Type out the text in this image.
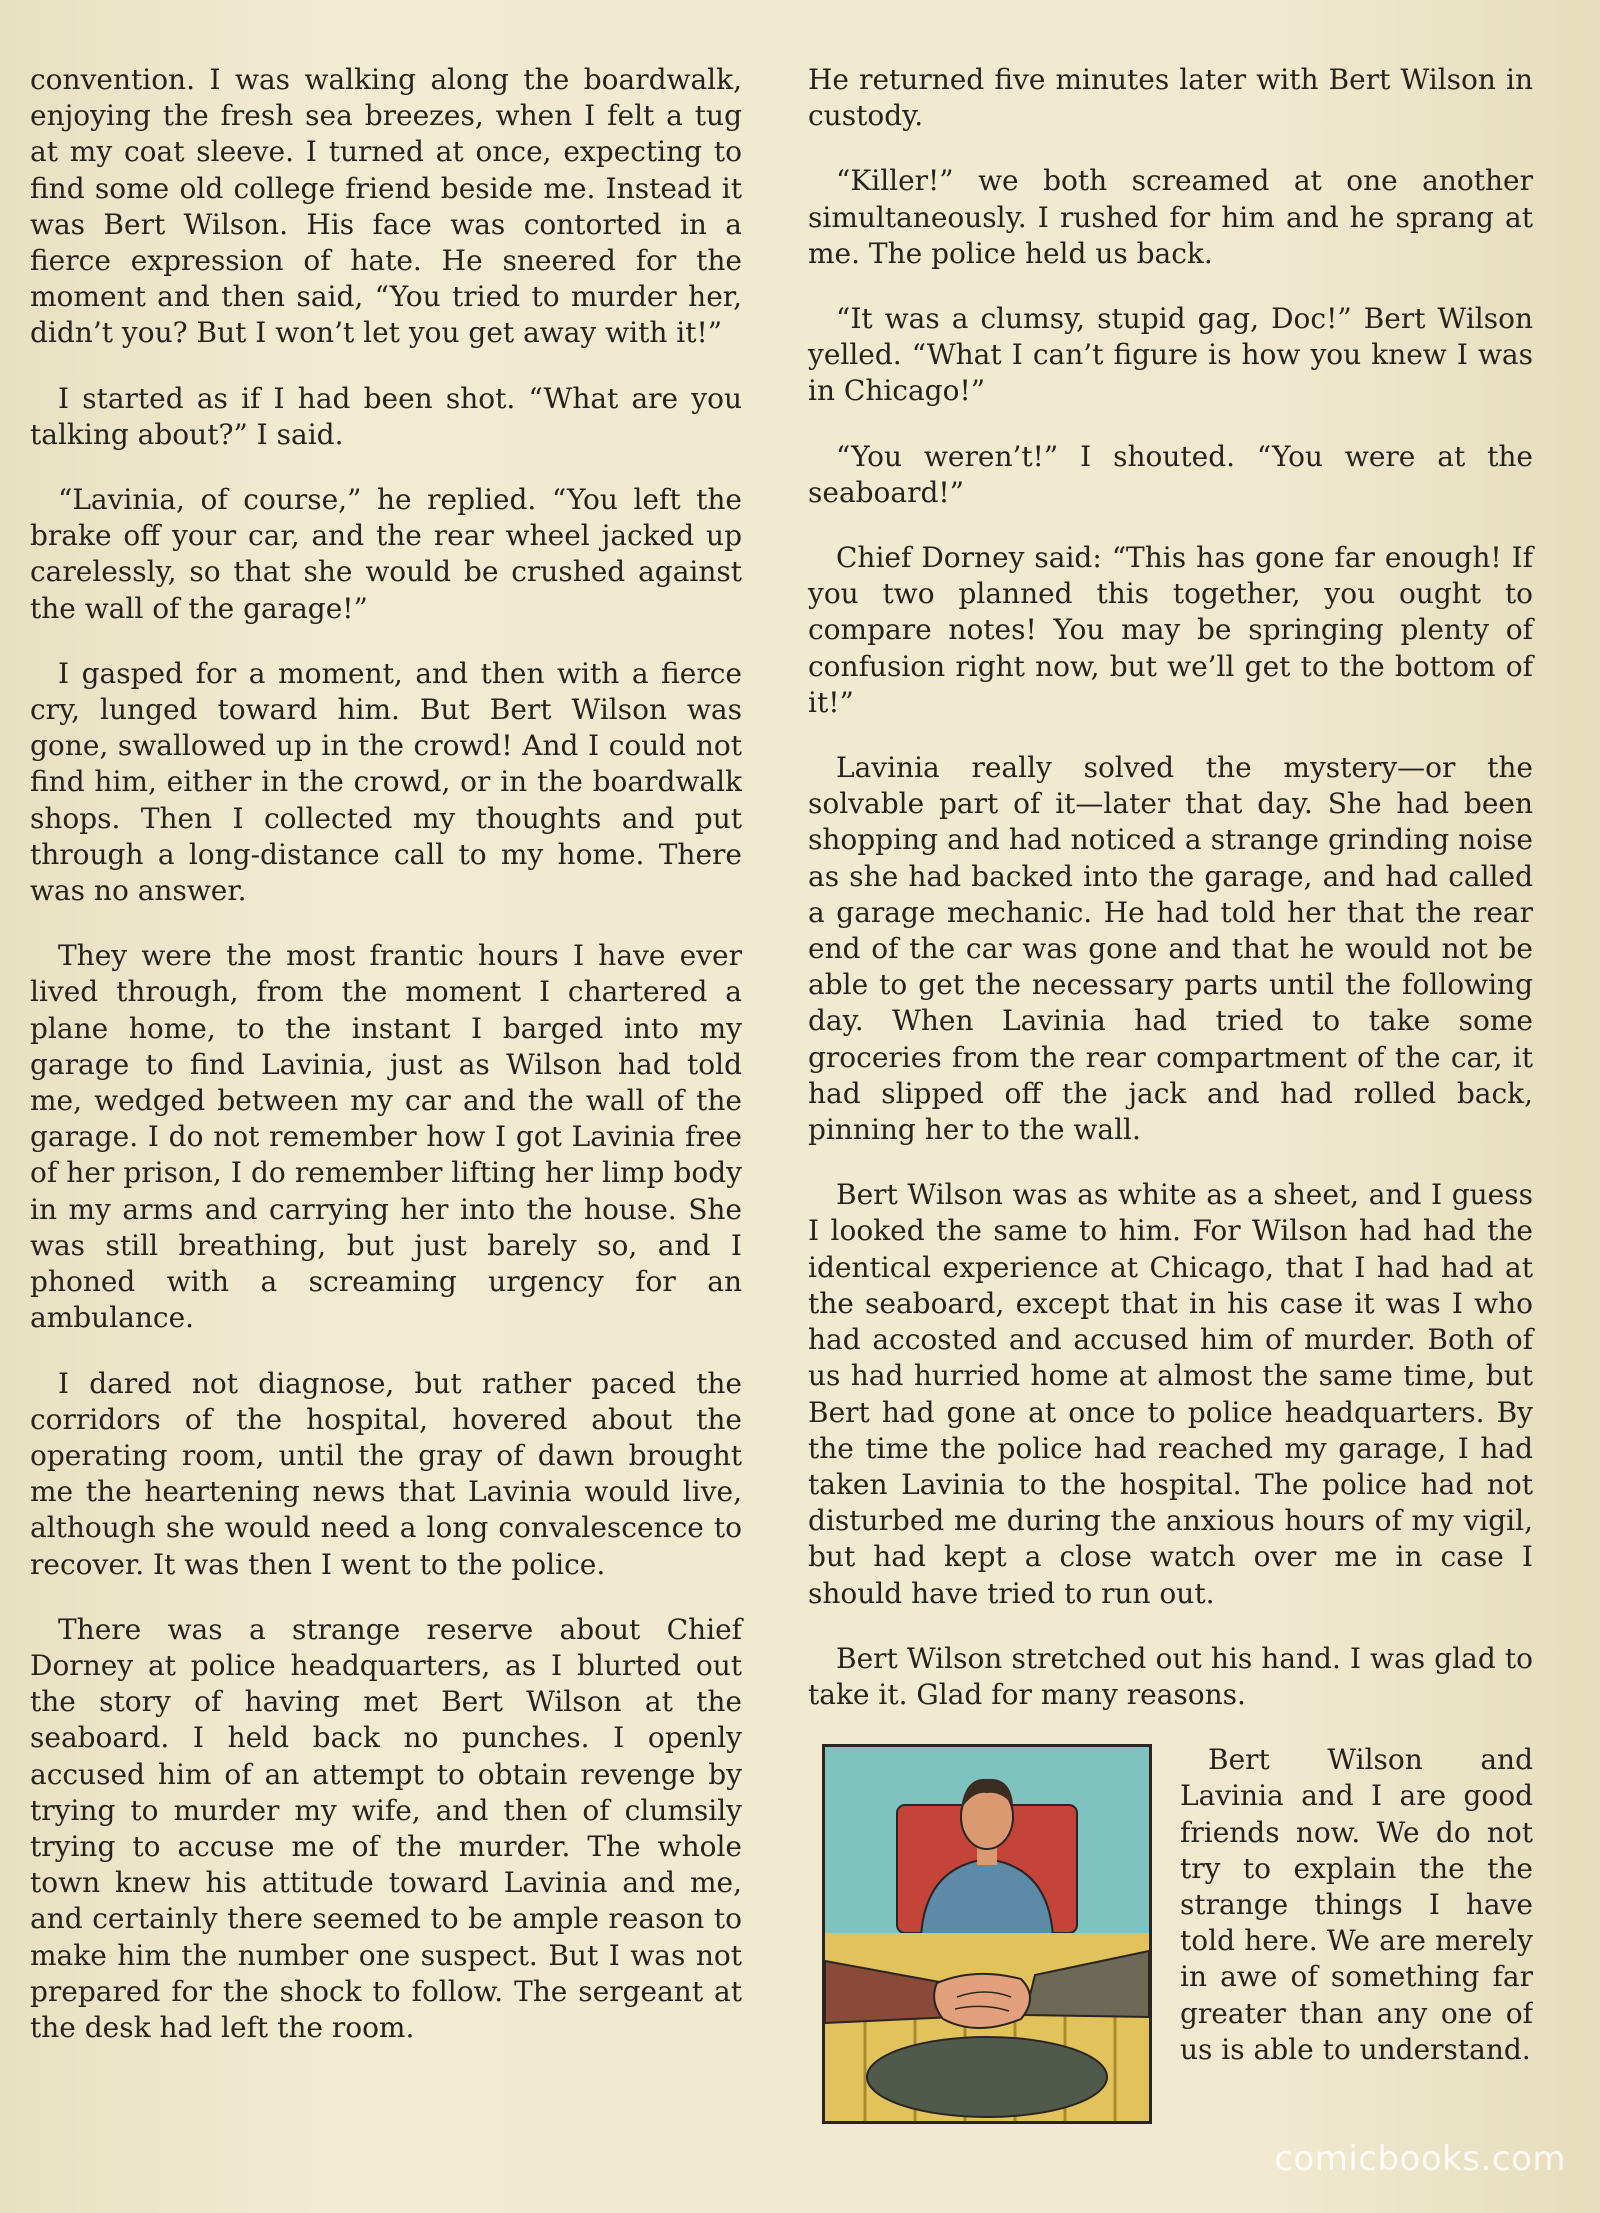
convention. I was walking along the boardwalk, enjoying the fresh sea breezes, when I felt a tug at my coat sleeve. I turned at once, expecting to find some old college friend beside me. Instead it was Bert Wilson. His face was contorted in a fierce expression of hate. He sneered for the moment and then said, “You tried to murder her, didn’t you? But I won’t let you get away with it!”

I started as if I had been shot. “What are you talking about?” I said.

“Lavinia, of course,” he replied. “You left the brake off your car, and the rear wheel jacked up carelessly, so that she would be crushed against the wall of the garage!”

I gasped for a moment, and then with a fierce cry, lunged toward him. But Bert Wilson was gone, swallowed up in the crowd! And I could not find him, either in the crowd, or in the boardwalk shops. Then I collected my thoughts and put through a long-distance call to my home. There was no answer.

They were the most frantic hours I have ever lived through, from the moment I chartered a plane home, to the instant I barged into my garage to find Lavinia, just as Wilson had told me, wedged between my car and the wall of the garage. I do not remember how I got Lavinia free of her prison, I do remember lifting her limp body in my arms and carrying her into the house. She was still breathing, but just barely so, and I phoned with a screaming urgency for an ambulance.

I dared not diagnose, but rather paced the corridors of the hospital, hovered about the operating room, until the gray of dawn brought me the heartening news that Lavinia would live, although she would need a long convalescence to recover. It was then I went to the police.

There was a strange reserve about Chief Dorney at police headquarters, as I blurted out the story of having met Bert Wilson at the seaboard. I held back no punches. I openly accused him of an attempt to obtain revenge by trying to murder my wife, and then of clumsily trying to accuse me of the murder. The whole town knew his attitude toward Lavinia and me, and certainly there seemed to be ample reason to make him the number one suspect. But I was not prepared for the shock to follow. The sergeant at the desk had left the room.

He returned five minutes later with Bert Wilson in custody.

“Killer!” we both screamed at one another simultaneously. I rushed for him and he sprang at me. The police held us back.

“It was a clumsy, stupid gag, Doc!” Bert Wilson yelled. “What I can’t figure is how you knew I was in Chicago!”

“You weren’t!” I shouted. “You were at the seaboard!”

Chief Dorney said: “This has gone far enough! If you two planned this together, you ought to compare notes! You may be springing plenty of confusion right now, but we’ll get to the bottom of it!”

Lavinia really solved the mystery—or the solvable part of it—later that day. She had been shopping and had noticed a strange grinding noise as she had backed into the garage, and had called a garage mechanic. He had told her that the rear end of the car was gone and that he would not be able to get the necessary parts until the following day. When Lavinia had tried to take some groceries from the rear compartment of the car, it had slipped off the jack and had rolled back, pinning her to the wall.

Bert Wilson was as white as a sheet, and I guess I looked the same to him. For Wilson had had the identical experience at Chicago, that I had had at the seaboard, except that in his case it was I who had accosted and accused him of murder. Both of us had hurried home at almost the same time, but Bert had gone at once to police headquarters. By the time the police had reached my garage, I had taken Lavinia to the hospital. The police had not disturbed me during the anxious hours of my vigil, but had kept a close watch over me in case I should have tried to run out.

Bert Wilson stretched out his hand. I was glad to take it. Glad for many reasons.

Bert Wilson and Lavinia and I are good friends now. We do not try to explain the the strange things I have told here. We are merely in awe of something far greater than any one of us is able to understand.

comicbooks.com
